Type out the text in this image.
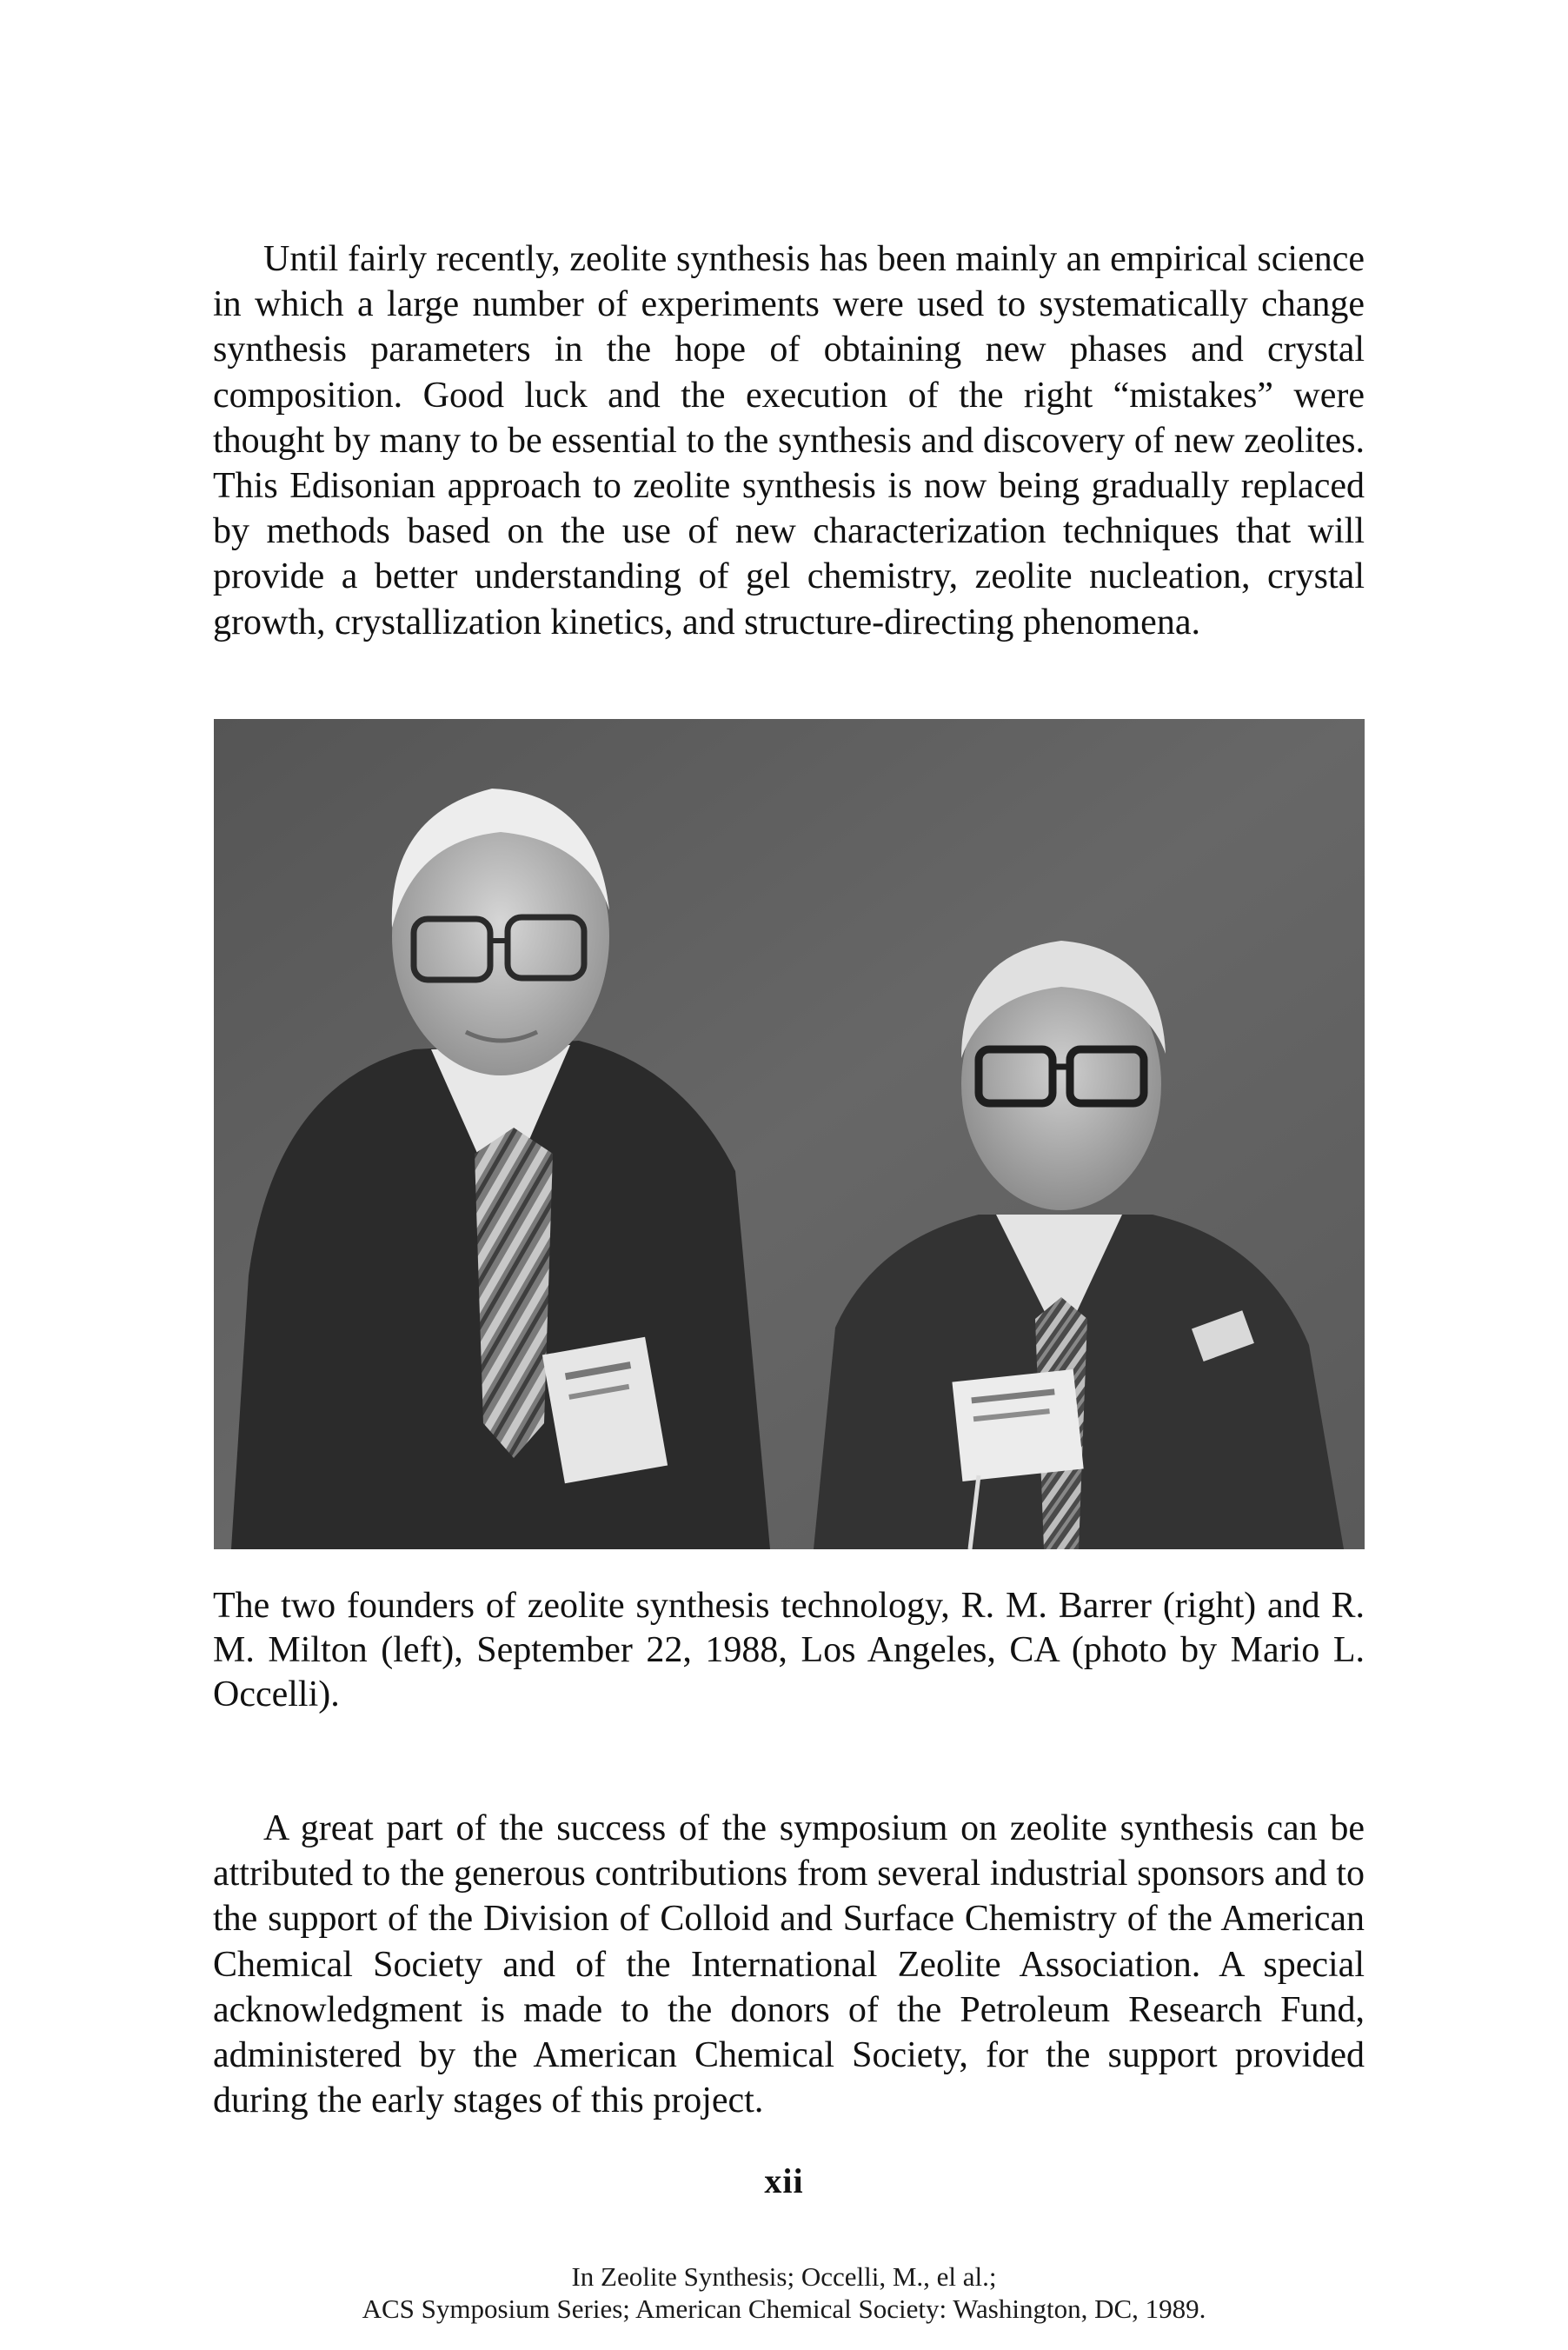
Until fairly recently, zeolite synthesis has been mainly an empirical science in which a large number of experiments were used to systematically change synthesis parameters in the hope of obtaining new phases and crystal composition. Good luck and the execution of the right “mistakes” were thought by many to be essential to the synthesis and discovery of new zeolites. This Edisonian approach to zeolite synthesis is now being gradually replaced by methods based on the use of new characterization techniques that will provide a better understanding of gel chemistry, zeolite nucleation, crystal growth, crystallization kinetics, and structure-directing phenomena.

The two founders of zeolite synthesis technology, R. M. Barrer (right) and R. M. Milton (left), September 22, 1988, Los Angeles, CA (photo by Mario L. Occelli).

A great part of the success of the symposium on zeolite synthesis can be attributed to the generous contributions from several industrial sponsors and to the support of the Division of Colloid and Surface Chemistry of the American Chemical Society and of the International Zeolite Association. A special acknowledgment is made to the donors of the Petroleum Research Fund, administered by the American Chemical Society, for the support provided during the early stages of this project.

xii
In Zeolite Synthesis; Occelli, M., el al.;
ACS Symposium Series; American Chemical Society: Washington, DC, 1989.
